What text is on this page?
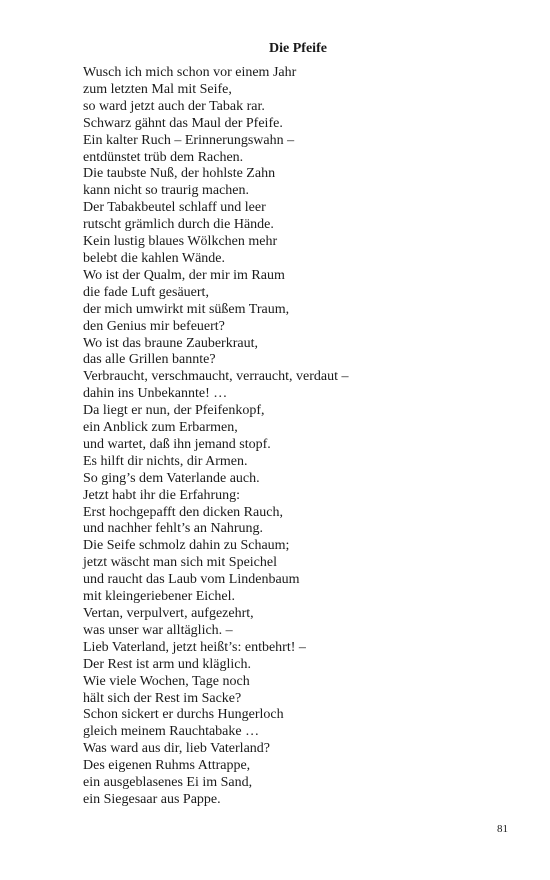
Die Pfeife
Wusch ich mich schon vor einem Jahr
zum letzten Mal mit Seife,
so ward jetzt auch der Tabak rar.
Schwarz gähnt das Maul der Pfeife.
Ein kalter Ruch – Erinnerungswahn –
entdünstet trüb dem Rachen.
Die taubste Nuß, der hohlste Zahn
kann nicht so traurig machen.
Der Tabakbeutel schlaff und leer
rutscht grämlich durch die Hände.
Kein lustig blaues Wölkchen mehr
belebt die kahlen Wände.
Wo ist der Qualm, der mir im Raum
die fade Luft gesäuert,
der mich umwirkt mit süßem Traum,
den Genius mir befeuert?
Wo ist das braune Zauberkraut,
das alle Grillen bannte?
Verbraucht, verschmaucht, verraucht, verdaut –
dahin ins Unbekannte! …
Da liegt er nun, der Pfeifenkopf,
ein Anblick zum Erbarmen,
und wartet, daß ihn jemand stopf.
Es hilft dir nichts, dir Armen.
So ging’s dem Vaterlande auch.
Jetzt habt ihr die Erfahrung:
Erst hochgepafft den dicken Rauch,
und nachher fehlt’s an Nahrung.
Die Seife schmolz dahin zu Schaum;
jetzt wäscht man sich mit Speichel
und raucht das Laub vom Lindenbaum
mit kleingeriebener Eichel.
Vertan, verpulvert, aufgezehrt,
was unser war alltäglich. –
Lieb Vaterland, jetzt heißt’s: entbehrt! –
Der Rest ist arm und kläglich.
Wie viele Wochen, Tage noch
hält sich der Rest im Sacke?
Schon sickert er durchs Hungerloch
gleich meinem Rauchtabake …
Was ward aus dir, lieb Vaterland?
Des eigenen Ruhms Attrappe,
ein ausgeblasenes Ei im Sand,
ein Siegesaar aus Pappe.
81
